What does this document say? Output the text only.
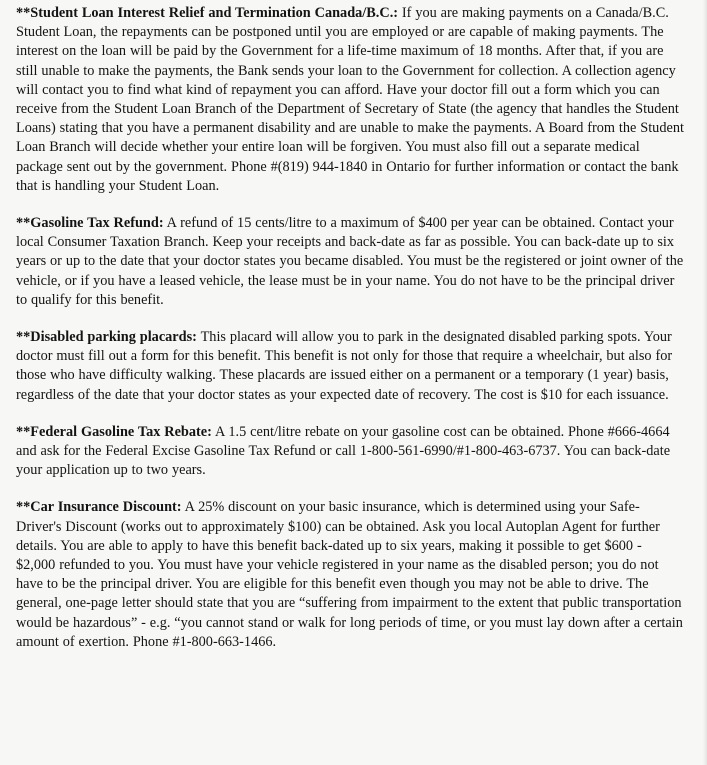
**Student Loan Interest Relief and Termination Canada/B.C.: If you are making payments on a Canada/B.C. Student Loan, the repayments can be postponed until you are employed or are capable of making payments. The interest on the loan will be paid by the Government for a life-time maximum of 18 months. After that, if you are still unable to make the payments, the Bank sends your loan to the Government for collection. A collection agency will contact you to find what kind of repayment you can afford. Have your doctor fill out a form which you can receive from the Student Loan Branch of the Department of Secretary of State (the agency that handles the Student Loans) stating that you have a permanent disability and are unable to make the payments. A Board from the Student Loan Branch will decide whether your entire loan will be forgiven. You must also fill out a separate medical package sent out by the government. Phone #(819) 944-1840 in Ontario for further information or contact the bank that is handling your Student Loan.

**Gasoline Tax Refund: A refund of 15 cents/litre to a maximum of $400 per year can be obtained. Contact your local Consumer Taxation Branch. Keep your receipts and back-date as far as possible. You can back-date up to six years or up to the date that your doctor states you became disabled. You must be the registered or joint owner of the vehicle, or if you have a leased vehicle, the lease must be in your name. You do not have to be the principal driver to qualify for this benefit.

**Disabled parking placards: This placard will allow you to park in the designated disabled parking spots. Your doctor must fill out a form for this benefit. This benefit is not only for those that require a wheelchair, but also for those who have difficulty walking. These placards are issued either on a permanent or a temporary (1 year) basis, regardless of the date that your doctor states as your expected date of recovery. The cost is $10 for each issuance.

**Federal Gasoline Tax Rebate: A 1.5 cent/litre rebate on your gasoline cost can be obtained. Phone #666-4664 and ask for the Federal Excise Gasoline Tax Refund or call 1-800-561-6990/#1-800-463-6737. You can back-date your application up to two years.

**Car Insurance Discount: A 25% discount on your basic insurance, which is determined using your Safe-Driver's Discount (works out to approximately $100) can be obtained. Ask you local Autoplan Agent for further details. You are able to apply to have this benefit back-dated up to six years, making it possible to get $600 - $2,000 refunded to you. You must have your vehicle registered in your name as the disabled person; you do not have to be the principal driver. You are eligible for this benefit even though you may not be able to drive. The general, one-page letter should state that you are “suffering from impairment to the extent that public transportation would be hazardous” - e.g. “you cannot stand or walk for long periods of time, or you must lay down after a certain amount of exertion. Phone #1-800-663-1466.
